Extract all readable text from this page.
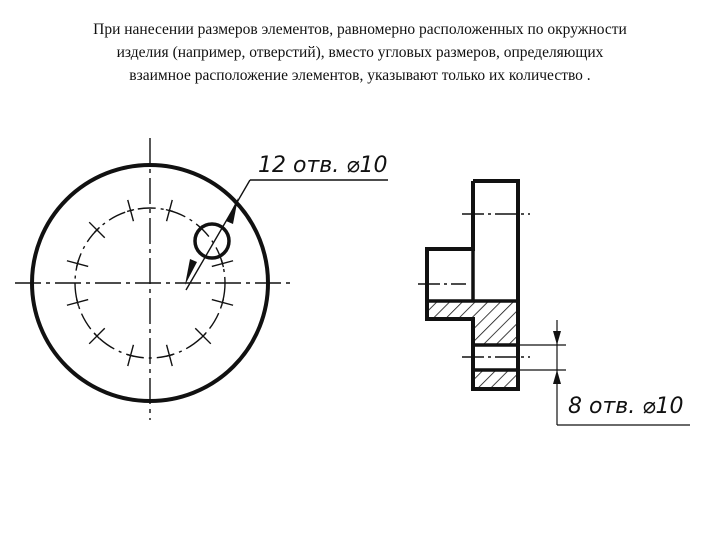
При нанесении размеров элементов, равномерно расположенных по окружности
изделия (например, отверстий), вместо угловых размеров, определяющих
взаимное расположение элементов, указывают только их количество .
12 отв. ⌀10
8 отв. ⌀10
